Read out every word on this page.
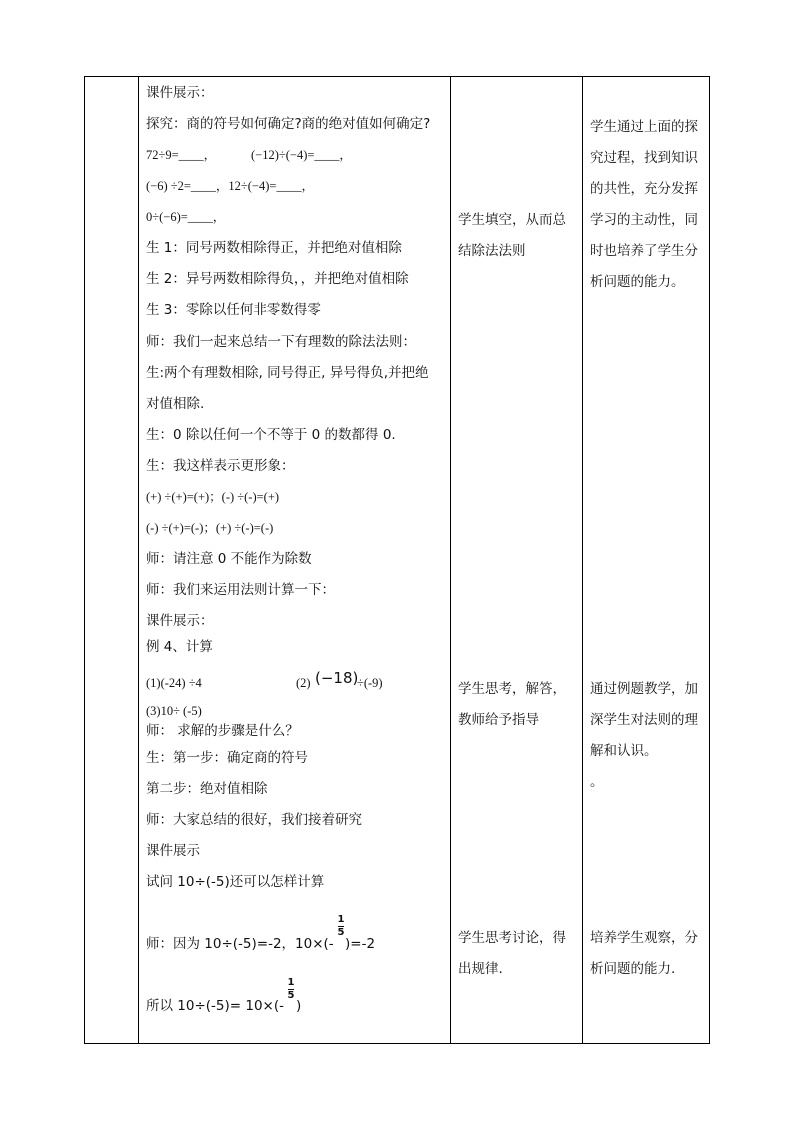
课件展示：
探究：商的符号如何确定?商的绝对值如何确定?
72÷9=____，	(−12)÷(−4)=____，
(−6) ÷2=____，12÷(−4)=____，
0÷(−6)=____，
生 1：同号两数相除得正，并把绝对值相除
生 2：异号两数相除得负，，并把绝对值相除
生 3：零除以任何非零数得零
师：我们一起来总结一下有理数的除法法则：
生:两个有理数相除, 同号得正, 异号得负,并把绝
对值相除.
生：0 除以任何一个不等于 0 的数都得 0.
生：我这样表示更形象：
(+) ÷(+)=(+)；(-) ÷(-)=(+)
(-) ÷(+)=(-)；(+) ÷(-)=(-)
师：请注意 0 不能作为除数
师：我们来运用法则计算一下：
课件展示：
例 4、计算
(1)(-24) ÷4	(2) (−18)
÷(-9)
(3)10÷ (-5)
师： 求解的步骤是什么？
生：第一步：确定商的符号
第二步：绝对值相除
师：大家总结的很好，我们接着研究
课件展示
试问 10÷(-5)还可以怎样计算
师：因为 10÷(-5)=-2，10×(-
1
5
)=-2
所以 10÷(-5)= 10×(-
1
5
)
学生填空，从而总
结除法法则
学生思考，解答，
教师给予指导
学生思考讨论，得
出规律.
学生通过上面的探
究过程，找到知识
的共性，充分发挥
学习的主动性，同
时也培养了学生分
析问题的能力。
通过例题教学，加
深学生对法则的理
解和认识。
。
培养学生观察，分
析问题的能力.
